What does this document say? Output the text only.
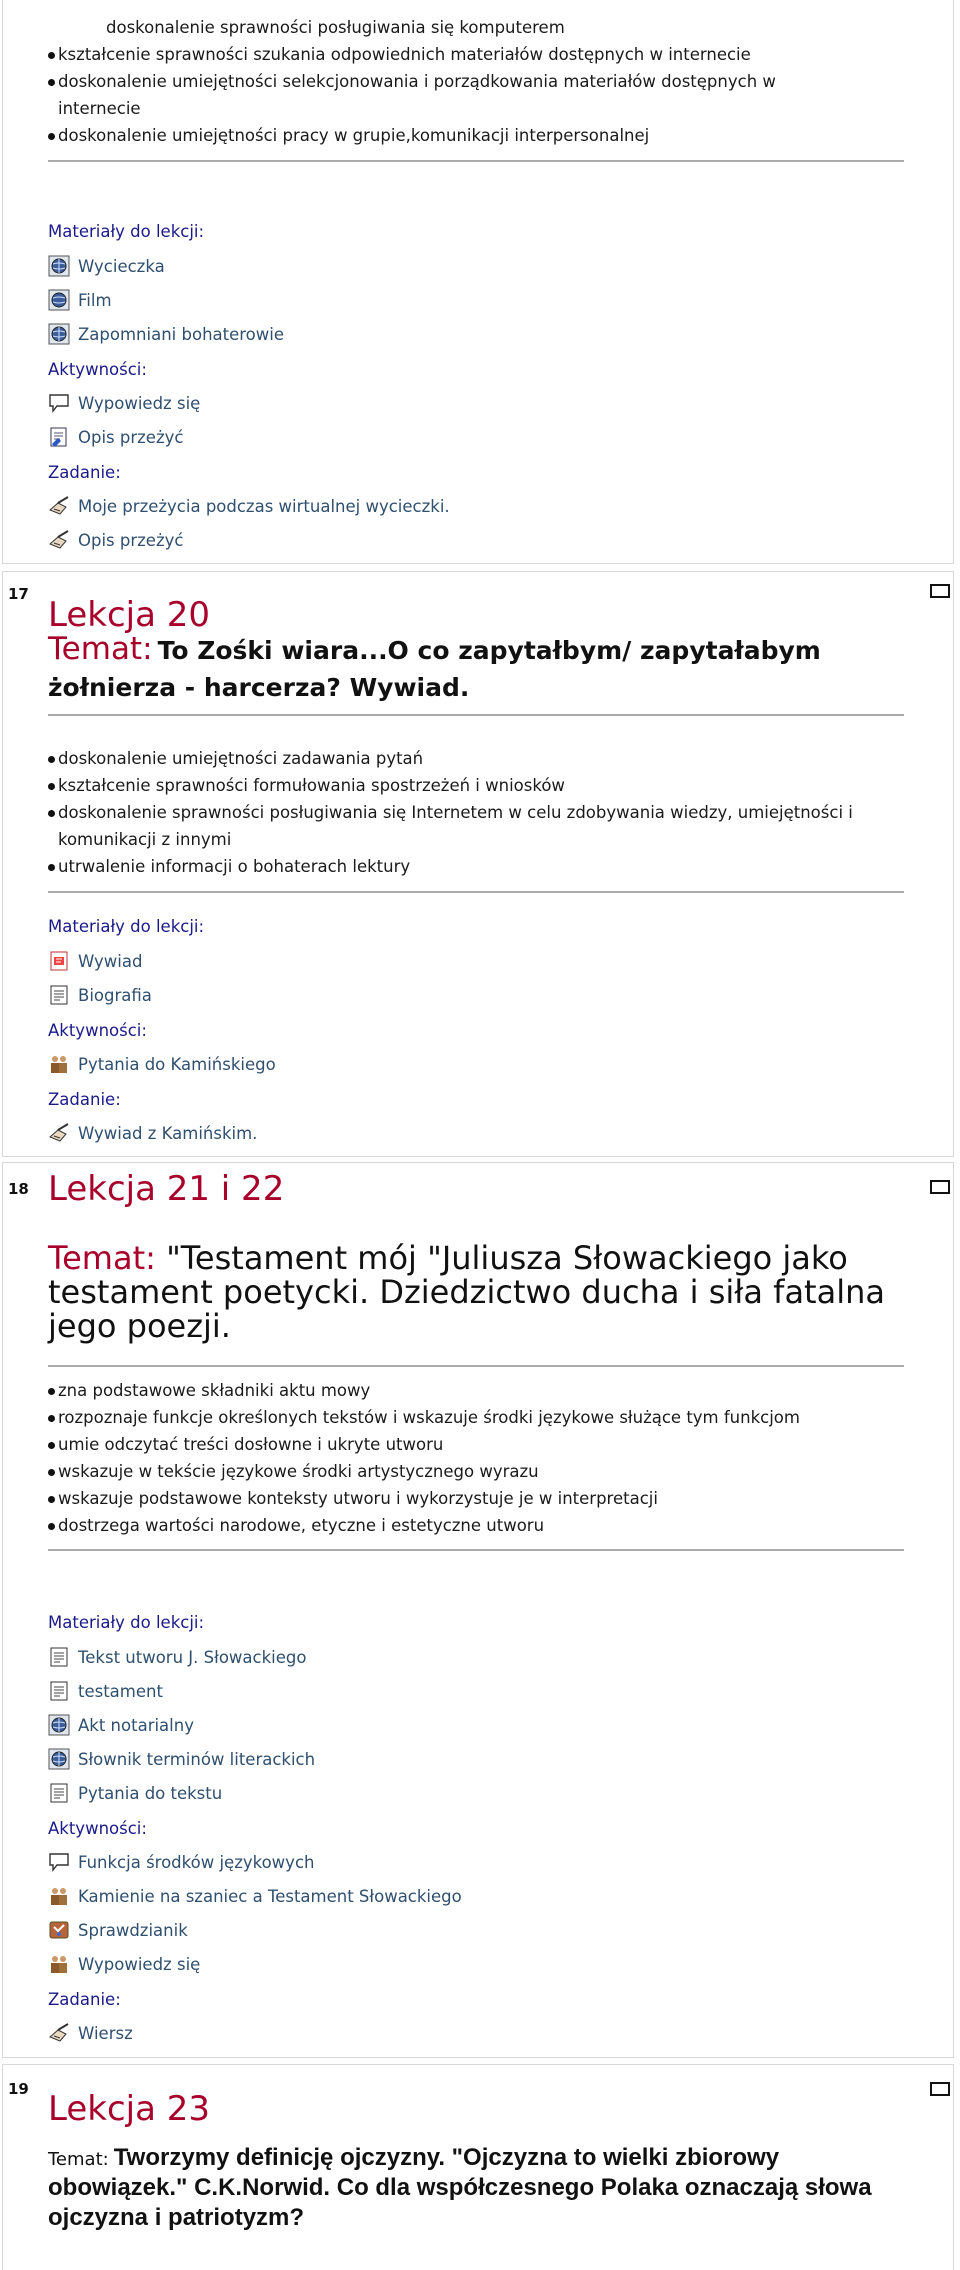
doskonalenie sprawności posługiwania się komputerem
kształcenie sprawności szukania odpowiednich materiałów dostępnych w internecie
doskonalenie umiejętności selekcjonowania i porządkowania materiałów dostępnych w internecie
doskonalenie umiejętności pracy w grupie,komunikacji interpersonalnej
Materiały do lekcji:
Wycieczka
Film
Zapomniani bohaterowie
Aktywności:
Wypowiedz się
Opis przeżyć
Zadanie:
Moje przeżycia podczas wirtualnej wycieczki.
Opis przeżyć
17
Lekcja 20
Temat: To Zośki wiara...O co zapytałbym/ zapytałabym żołnierza - harcerza? Wywiad.
doskonalenie umiejętności zadawania pytań
kształcenie sprawności formułowania spostrzeżeń i wniosków
doskonalenie sprawności posługiwania się Internetem w celu zdobywania wiedzy, umiejętności i komunikacji z innymi
utrwalenie informacji o bohaterach lektury
Materiały do lekcji:
Wywiad
Biografia
Aktywności:
Pytania do Kamińskiego
Zadanie:
Wywiad z Kamińskim.
18 Lekcja 21 i 22
Temat: "Testament mój "Juliusza Słowackiego jako testament poetycki. Dziedzictwo ducha i siła fatalna jego poezji.
zna podstawowe składniki aktu mowy
rozpoznaje funkcje określonych tekstów i wskazuje środki językowe służące tym funkcjom
umie odczytać treści dosłowne i ukryte utworu
wskazuje w tekście językowe środki artystycznego wyrazu
wskazuje podstawowe konteksty utworu i wykorzystuje je w interpretacji
dostrzega wartości narodowe, etyczne i estetyczne utworu
Materiały do lekcji:
Tekst utworu J. Słowackiego
testament
Akt notarialny
Słownik terminów literackich
Pytania do tekstu
Aktywności:
Funkcja środków językowych
Kamienie na szaniec a Testament Słowackiego
Sprawdzianik
Wypowiedz się
Zadanie:
Wiersz
19 Lekcja 23
Temat: Tworzymy definicję ojczyzny. "Ojczyzna to wielki zbiorowy obowiązek." C.K.Norwid. Co dla współczesnego Polaka oznaczają słowa ojczyzna i patriotyzm?
